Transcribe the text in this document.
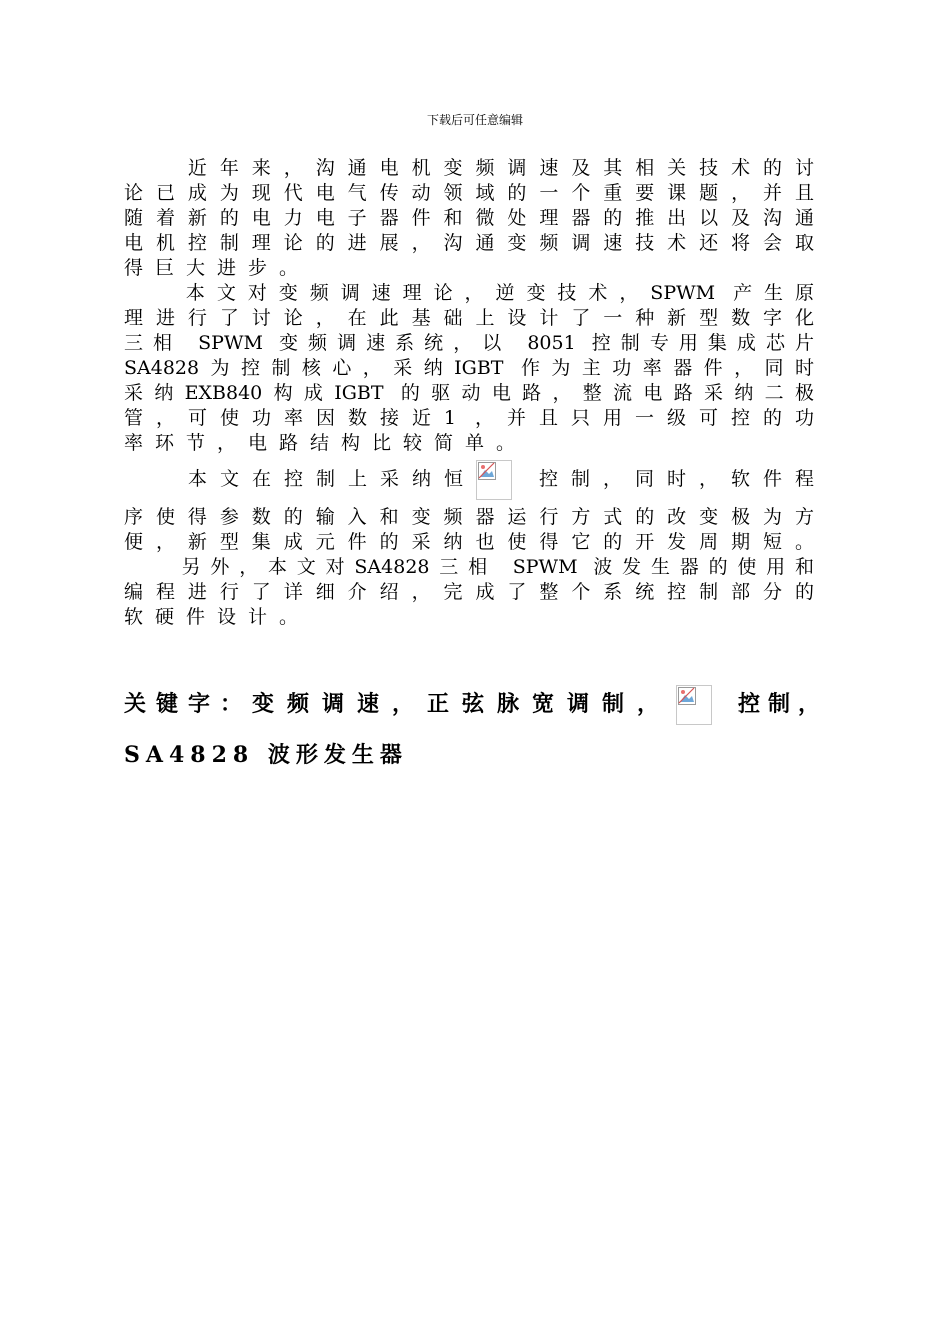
下载后可任意编辑
　　近年来，沟通电机变频调速及其相关技术的讨
论已成为现代电气传动领域的一个重要课题，并且
随着新的电力电子器件和微处理器的推出以及沟通
电机控制理论的进展，沟通变频调速技术还将会取
得巨大进步。
　　本文对变频调速理论，逆变技术，SPWM 产生原
理进行了讨论，在此基础上设计了一种新型数字化
三相 SPWM 变频调速系统，以 8051 控制专用集成芯片
SA4828为控制核心，采纳IGBT 作为主功率器件，同时
采纳EXB840构成IGBT 的驱动电路，整流电路采纳二极
管，可使功率因数接近1 ，并且只用一级可控的功
率环节，电路结构比较简单。
　　本文在控制上采纳恒	控制，同时，软件程
序使得参数的输入和变频器运行方式的改变极为方
便，新型集成元件的采纳也使得它的开发周期短。
　　另外，本文对SA4828三相 SPWM 波发生器的使用和
编程进行了详细介绍，完成了整个系统控制部分的
软硬件设计。
关键字：变频调速，正弦脉宽调制，	控制，
SA4828 波形发生器
